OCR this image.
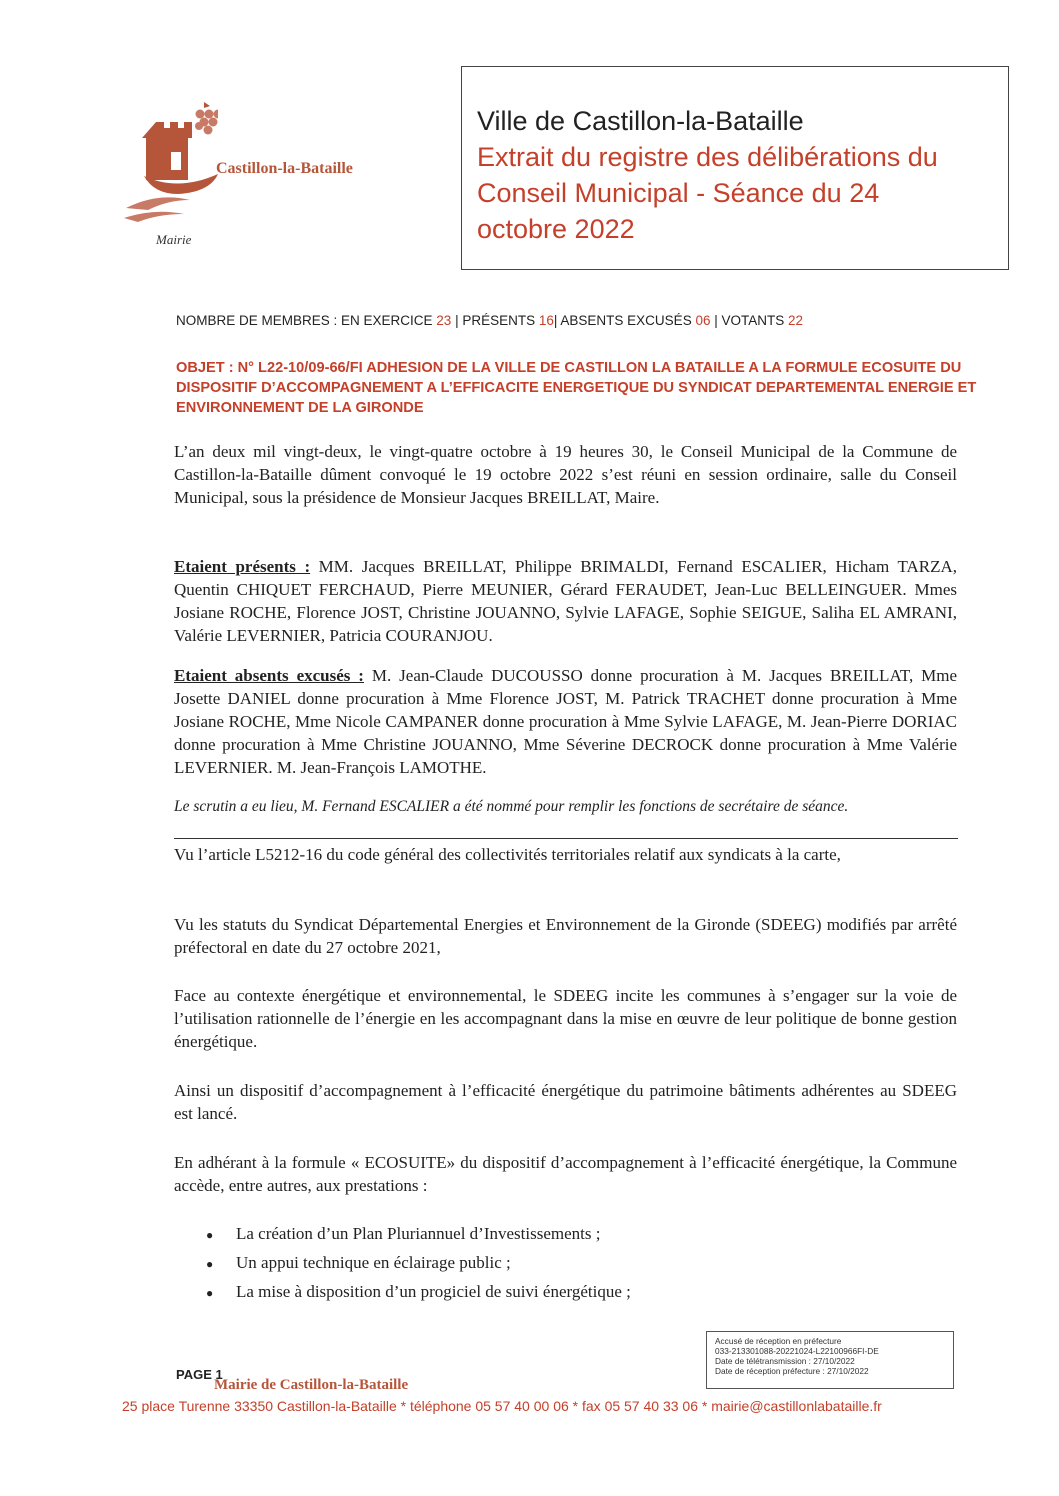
Castillon-la-Bataille
Mairie
Ville de Castillon-la-Bataille
Extrait du registre des délibérations du
Conseil Municipal - Séance du 24
octobre 2022
NOMBRE DE MEMBRES : EN EXERCICE 23 | PRÉSENTS 16| ABSENTS EXCUSÉS 06 | VOTANTS 22
OBJET : N° L22-10/09-66/FI ADHESION DE LA VILLE DE CASTILLON LA BATAILLE A LA FORMULE ECOSUITE DU DISPOSITIF D’ACCOMPAGNEMENT A L’EFFICACITE ENERGETIQUE DU SYNDICAT DEPARTEMENTAL ENERGIE ET ENVIRONNEMENT DE LA GIRONDE
L’an deux mil vingt-deux, le vingt-quatre octobre à 19 heures 30, le Conseil Municipal de la Commune de Castillon-la-Bataille dûment convoqué le 19 octobre 2022 s’est réuni en session ordinaire, salle du Conseil Municipal, sous la présidence de Monsieur Jacques BREILLAT, Maire.
Etaient présents : MM. Jacques BREILLAT, Philippe BRIMALDI, Fernand ESCALIER, Hicham TARZA, Quentin CHIQUET FERCHAUD, Pierre MEUNIER, Gérard FERAUDET, Jean-Luc BELLEINGUER. Mmes Josiane ROCHE, Florence JOST, Christine JOUANNO, Sylvie LAFAGE, Sophie SEIGUE, Saliha EL AMRANI, Valérie LEVERNIER, Patricia COURANJOU.
Etaient absents excusés : M. Jean-Claude DUCOUSSO donne procuration à M. Jacques BREILLAT, Mme Josette DANIEL donne procuration à Mme Florence JOST, M. Patrick TRACHET donne procuration à Mme Josiane ROCHE, Mme Nicole CAMPANER donne procuration à Mme Sylvie LAFAGE, M. Jean-Pierre DORIAC donne procuration à Mme Christine JOUANNO, Mme Séverine DECROCK donne procuration à Mme Valérie LEVERNIER. M. Jean-François LAMOTHE.
Le scrutin a eu lieu, M. Fernand ESCALIER a été nommé pour remplir les fonctions de secrétaire de séance.
Vu l’article L5212-16 du code général des collectivités territoriales relatif aux syndicats à la carte,
Vu les statuts du Syndicat Départemental Energies et Environnement de la Gironde (SDEEG) modifiés par arrêté préfectoral en date du 27 octobre 2021,
Face au contexte énergétique et environnemental, le SDEEG incite les communes à s’engager sur la voie de l’utilisation rationnelle de l’énergie en les accompagnant dans la mise en œuvre de leur politique de bonne gestion énergétique.
Ainsi un dispositif d’accompagnement à l’efficacité énergétique du patrimoine bâtiments adhérentes au SDEEG est lancé.
En adhérant à la formule « ECOSUITE» du dispositif d’accompagnement à l’efficacité énergétique, la Commune accède, entre autres, aux prestations :
●	La création d’un Plan Pluriannuel d’Investissements ;
●	Un appui technique en éclairage public ;
●	La mise à disposition d’un progiciel de suivi énergétique ;
Accusé de réception en préfecture
033-213301088-20221024-L22100966FI-DE
Date de télétransmission : 27/10/2022
Date de réception préfecture : 27/10/2022
PAGE 1
Mairie de Castillon-la-Bataille
25 place Turenne 33350 Castillon-la-Bataille * téléphone 05 57 40 00 06 * fax 05 57 40 33 06 * mairie@castillonlabataille.fr
